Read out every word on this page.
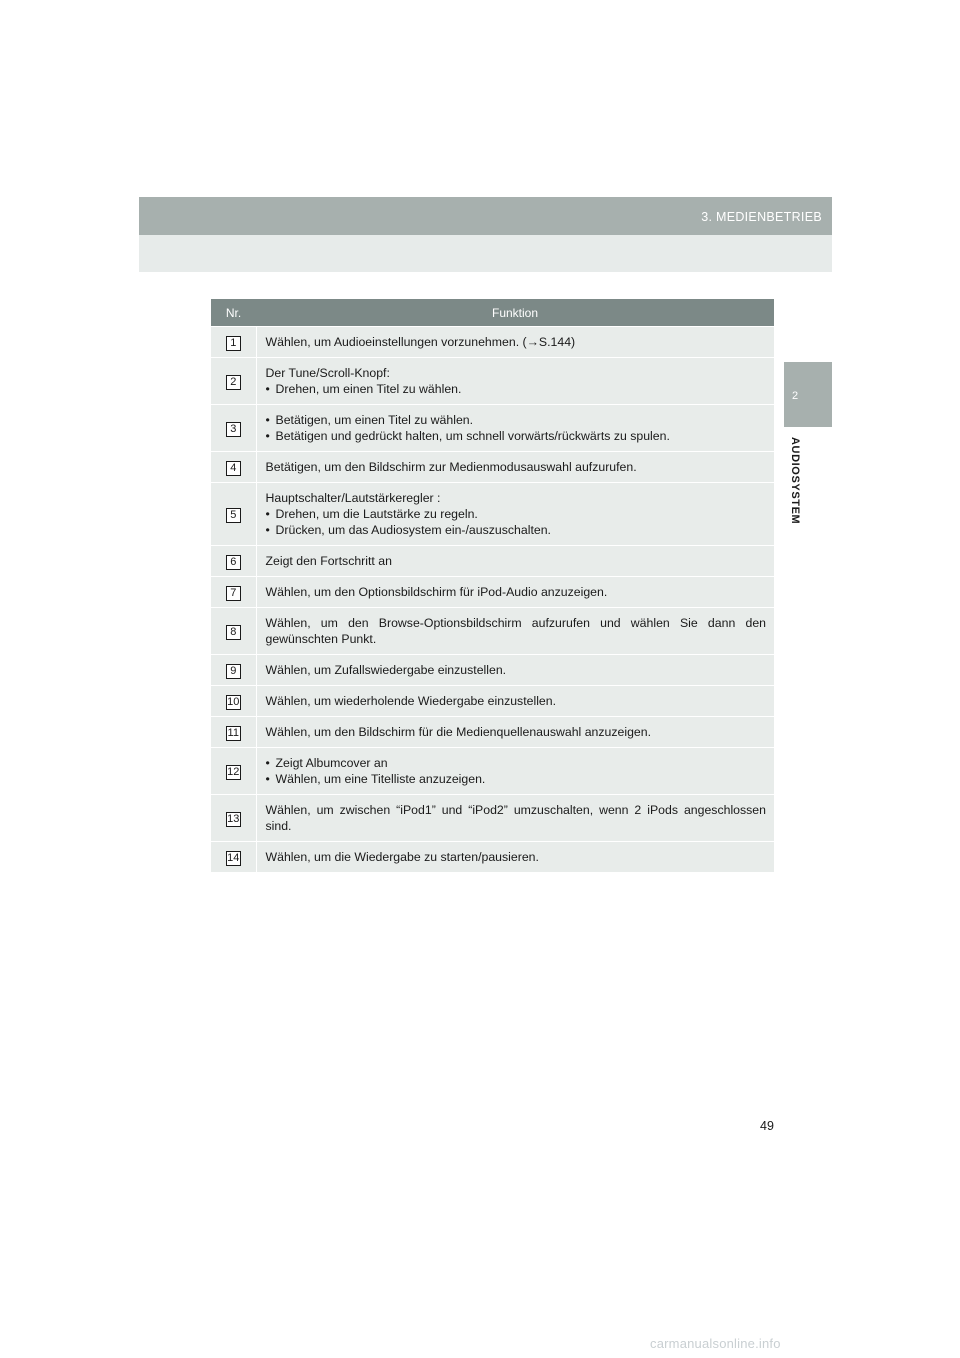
3. MEDIENBETRIEB
2
AUDIOSYSTEM
Nr.	Funktion
1	Wählen, um Audioeinstellungen vorzunehmen. (→S.144)

2	Der Tune/Scroll-Knopf:
• Drehen, um einen Titel zu wählen.

3	• Betätigen, um einen Titel zu wählen.
• Betätigen und gedrückt halten, um schnell vorwärts/rückwärts zu spulen.

4	Betätigen, um den Bildschirm zur Medienmodusauswahl aufzurufen.

5	Hauptschalter/Lautstärkeregler :
• Drehen, um die Lautstärke zu regeln.
• Drücken, um das Audiosystem ein-/auszuschalten.

6	Zeigt den Fortschritt an

7	Wählen, um den Optionsbildschirm für iPod-Audio anzuzeigen.

8	Wählen, um den Browse-Optionsbildschirm aufzurufen und wählen Sie dann den gewünschten Punkt.

9	Wählen, um Zufallswiedergabe einzustellen.

10	Wählen, um wiederholende Wiedergabe einzustellen.

11	Wählen, um den Bildschirm für die Medienquellenauswahl anzuzeigen.

12	• Zeigt Albumcover an
• Wählen, um eine Titelliste anzuzeigen.

13	Wählen, um zwischen “iPod1” und “iPod2” umzuschalten, wenn 2 iPods angeschlossen sind.

14	Wählen, um die Wiedergabe zu starten/pausieren.
49
carmanualsonline.info
